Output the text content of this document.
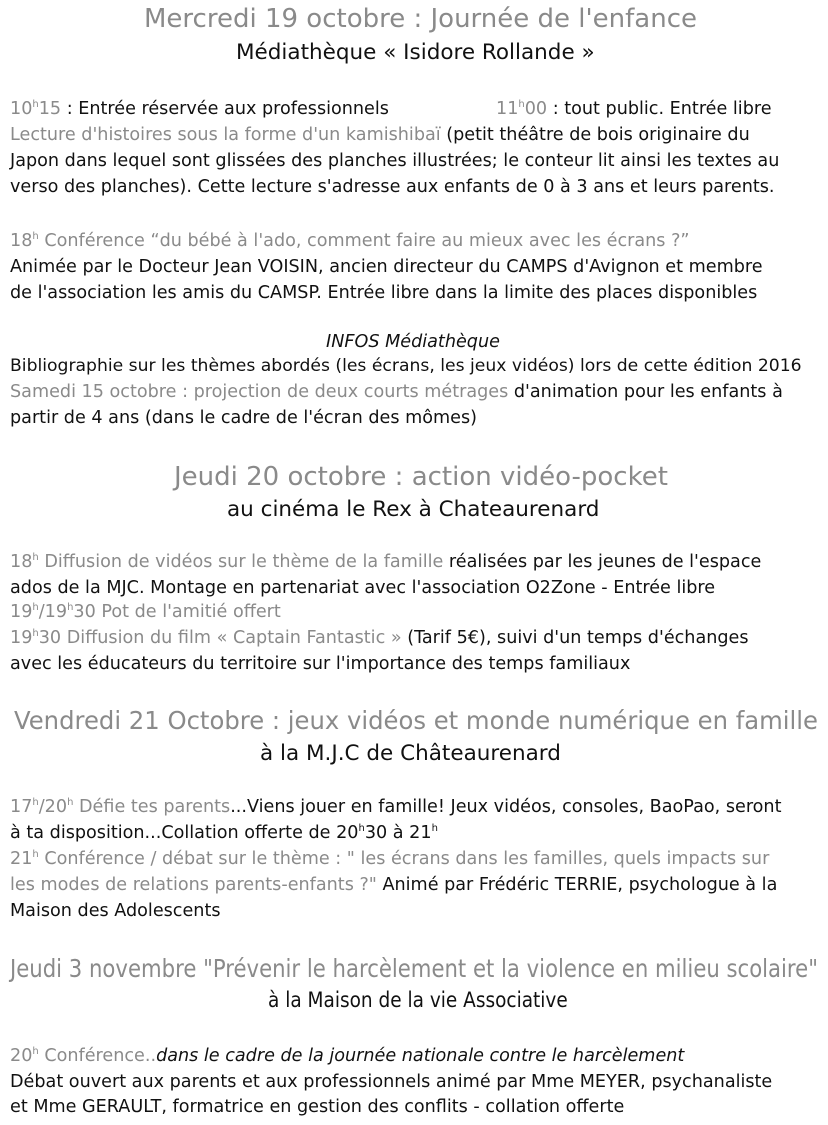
Mercredi 19 octobre : Journée de l'enfance
Médiathèque « Isidore Rollande »
10$^h$15 : Entrée réservée aux professionnels	11$^h$00 : tout public. Entrée libre
Lecture d'histoires sous la forme d'un kamishibaï (petit théâtre de bois originaire du
Japon dans lequel sont glissées des planches illustrées; le conteur lit ainsi les textes au
verso des planches). Cette lecture s'adresse aux enfants de 0 à 3 ans et leurs parents.
18$^h$ Conférence “du bébé à l'ado, comment faire au mieux avec les écrans ?”
Animée par le Docteur Jean VOISIN, ancien directeur du CAMPS d'Avignon et membre
de l'association les amis du CAMSP. Entrée libre dans la limite des places disponibles
INFOS Médiathèque
Bibliographie sur les thèmes abordés (les écrans, les jeux vidéos) lors de cette édition 2016
Samedi 15 octobre : projection de deux courts métrages d'animation pour les enfants à
partir de 4 ans (dans le cadre de l'écran des mômes)
Jeudi 20 octobre : action vidéo-pocket
au cinéma le Rex à Chateaurenard
18$^h$ Diffusion de vidéos sur le thème de la famille réalisées par les jeunes de l'espace
ados de la MJC. Montage en partenariat avec l'association O2Zone - Entrée libre
19$^h$/19$^h$30 Pot de l'amitié offert
19$^h$30 Diffusion du film « Captain Fantastic » (Tarif 5€), suivi d'un temps d'échanges
avec les éducateurs du territoire sur l'importance des temps familiaux
Vendredi 21 Octobre : jeux vidéos et monde numérique en famille
à la M.J.C de Châteaurenard
17$^h$/20$^h$ Défie tes parents...Viens jouer en famille! Jeux vidéos, consoles, BaoPao, seront
à ta disposition...Collation offerte de 20$^h$30 à 21$^h$
21$^h$ Conférence / débat sur le thème : " les écrans dans les familles, quels impacts sur
les modes de relations parents-enfants ?" Animé par Frédéric TERRIE, psychologue à la
Maison des Adolescents
Jeudi 3 novembre "Prévenir le harcèlement et la violence en milieu scolaire"
à la Maison de la vie Associative
20$^h$ Conférence..dans le cadre de la journée nationale contre le harcèlement
Débat ouvert aux parents et aux professionnels animé par Mme MEYER, psychanaliste
et Mme GERAULT, formatrice en gestion des conflits - collation offerte
